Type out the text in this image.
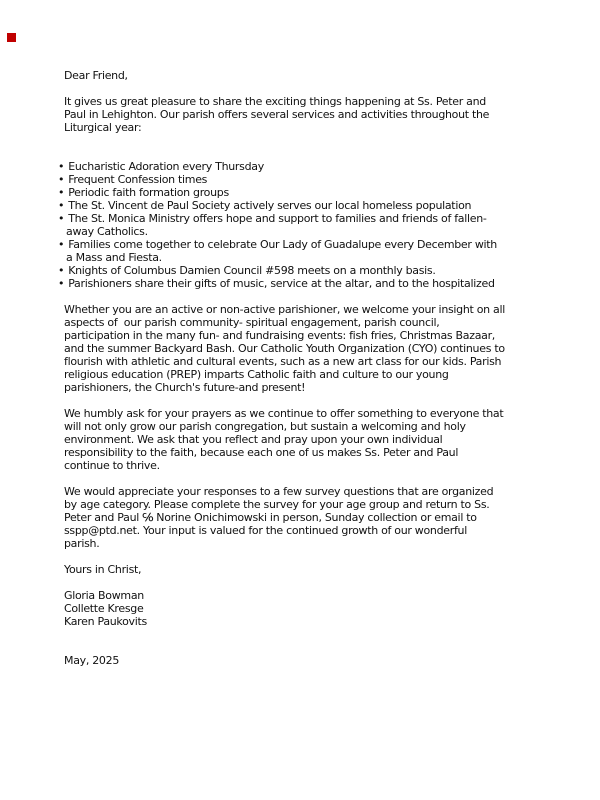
Dear Friend,
It gives us great pleasure to share the exciting things happening at Ss. Peter and
Paul in Lehighton. Our parish offers several services and activities throughout the
Liturgical year:
• Eucharistic Adoration every Thursday
• Frequent Confession times
• Periodic faith formation groups
• The St. Vincent de Paul Society actively serves our local homeless population
• The St. Monica Ministry offers hope and support to families and friends of fallen-
away Catholics.
• Families come together to celebrate Our Lady of Guadalupe every December with
a Mass and Fiesta.
• Knights of Columbus Damien Council #598 meets on a monthly basis.
• Parishioners share their gifts of music, service at the altar, and to the hospitalized
Whether you are an active or non-active parishioner, we welcome your insight on all
aspects of  our parish community- spiritual engagement, parish council,
participation in the many fun- and fundraising events: fish fries, Christmas Bazaar,
and the summer Backyard Bash. Our Catholic Youth Organization (CYO) continues to
flourish with athletic and cultural events, such as a new art class for our kids. Parish
religious education (PREP) imparts Catholic faith and culture to our young
parishioners, the Church's future-and present!
We humbly ask for your prayers as we continue to offer something to everyone that
will not only grow our parish congregation, but sustain a welcoming and holy
environment. We ask that you reflect and pray upon your own individual
responsibility to the faith, because each one of us makes Ss. Peter and Paul
continue to thrive.
We would appreciate your responses to a few survey questions that are organized
by age category. Please complete the survey for your age group and return to Ss.
Peter and Paul ℅ Norine Onichimowski in person, Sunday collection or email to
sspp@ptd.net. Your input is valued for the continued growth of our wonderful
parish.
Yours in Christ,
Gloria Bowman
Collette Kresge
Karen Paukovits
May, 2025
